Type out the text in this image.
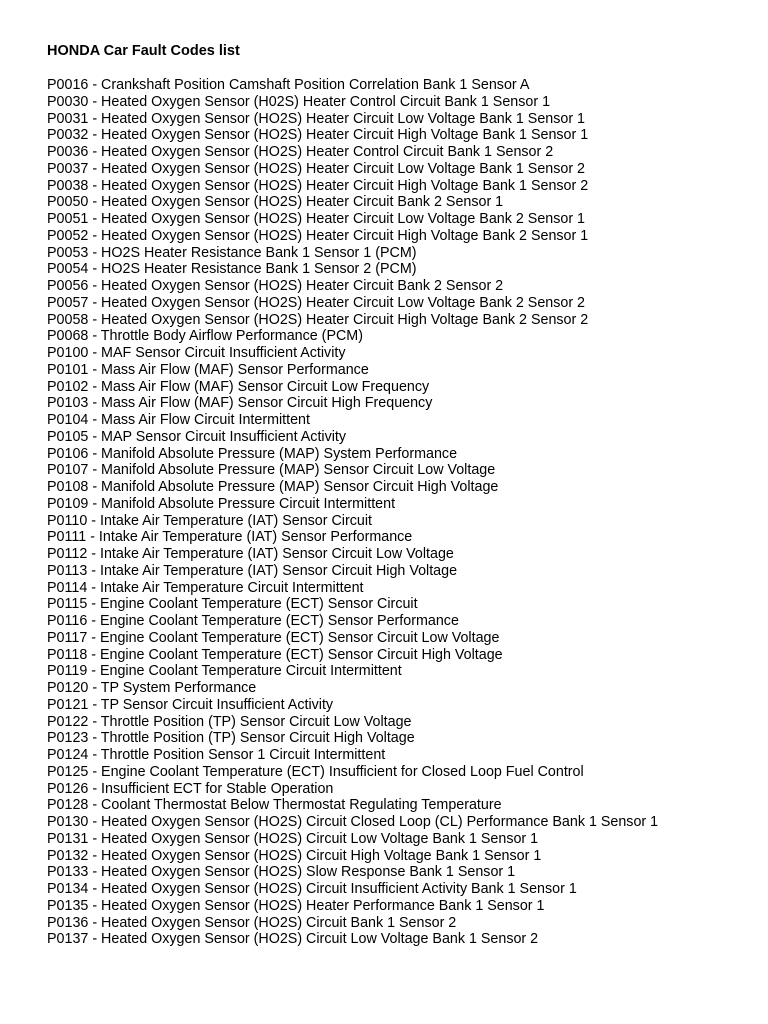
HONDA Car Fault Codes list
P0016 - Crankshaft Position Camshaft Position Correlation Bank 1 Sensor A
P0030 - Heated Oxygen Sensor (H02S) Heater Control Circuit Bank 1 Sensor 1
P0031 - Heated Oxygen Sensor (HO2S) Heater Circuit Low Voltage Bank 1 Sensor 1
P0032 - Heated Oxygen Sensor (HO2S) Heater Circuit High Voltage Bank 1 Sensor 1
P0036 - Heated Oxygen Sensor (HO2S) Heater Control Circuit Bank 1 Sensor 2
P0037 - Heated Oxygen Sensor (HO2S) Heater Circuit Low Voltage Bank 1 Sensor 2
P0038 - Heated Oxygen Sensor (HO2S) Heater Circuit High Voltage Bank 1 Sensor 2
P0050 - Heated Oxygen Sensor (HO2S) Heater Circuit Bank 2 Sensor 1
P0051 - Heated Oxygen Sensor (HO2S) Heater Circuit Low Voltage Bank 2 Sensor 1
P0052 - Heated Oxygen Sensor (HO2S) Heater Circuit High Voltage Bank 2 Sensor 1
P0053 - HO2S Heater Resistance Bank 1 Sensor 1 (PCM)
P0054 - HO2S Heater Resistance Bank 1 Sensor 2 (PCM)
P0056 - Heated Oxygen Sensor (HO2S) Heater Circuit Bank 2 Sensor 2
P0057 - Heated Oxygen Sensor (HO2S) Heater Circuit Low Voltage Bank 2 Sensor 2
P0058 - Heated Oxygen Sensor (HO2S) Heater Circuit High Voltage Bank 2 Sensor 2
P0068 - Throttle Body Airflow Performance (PCM)
P0100 - MAF Sensor Circuit Insufficient Activity
P0101 - Mass Air Flow (MAF) Sensor Performance
P0102 - Mass Air Flow (MAF) Sensor Circuit Low Frequency
P0103 - Mass Air Flow (MAF) Sensor Circuit High Frequency
P0104 - Mass Air Flow Circuit Intermittent
P0105 - MAP Sensor Circuit Insufficient Activity
P0106 - Manifold Absolute Pressure (MAP) System Performance
P0107 - Manifold Absolute Pressure (MAP) Sensor Circuit Low Voltage
P0108 - Manifold Absolute Pressure (MAP) Sensor Circuit High Voltage
P0109 - Manifold Absolute Pressure Circuit Intermittent
P0110 - Intake Air Temperature (IAT) Sensor Circuit
P0111 - Intake Air Temperature (IAT) Sensor Performance
P0112 - Intake Air Temperature (IAT) Sensor Circuit Low Voltage
P0113 - Intake Air Temperature (IAT) Sensor Circuit High Voltage
P0114 - Intake Air Temperature Circuit Intermittent
P0115 - Engine Coolant Temperature (ECT) Sensor Circuit
P0116 - Engine Coolant Temperature (ECT) Sensor Performance
P0117 - Engine Coolant Temperature (ECT) Sensor Circuit Low Voltage
P0118 - Engine Coolant Temperature (ECT) Sensor Circuit High Voltage
P0119 - Engine Coolant Temperature Circuit Intermittent
P0120 - TP System Performance
P0121 - TP Sensor Circuit Insufficient Activity
P0122 - Throttle Position (TP) Sensor Circuit Low Voltage
P0123 - Throttle Position (TP) Sensor Circuit High Voltage
P0124 - Throttle Position Sensor 1 Circuit Intermittent
P0125 - Engine Coolant Temperature (ECT) Insufficient for Closed Loop Fuel Control
P0126 - Insufficient ECT for Stable Operation
P0128 - Coolant Thermostat Below Thermostat Regulating Temperature
P0130 - Heated Oxygen Sensor (HO2S) Circuit Closed Loop (CL) Performance Bank 1 Sensor 1
P0131 - Heated Oxygen Sensor (HO2S) Circuit Low Voltage Bank 1 Sensor 1
P0132 - Heated Oxygen Sensor (HO2S) Circuit High Voltage Bank 1 Sensor 1
P0133 - Heated Oxygen Sensor (HO2S) Slow Response Bank 1 Sensor 1
P0134 - Heated Oxygen Sensor (HO2S) Circuit Insufficient Activity Bank 1 Sensor 1
P0135 - Heated Oxygen Sensor (HO2S) Heater Performance Bank 1 Sensor 1
P0136 - Heated Oxygen Sensor (HO2S) Circuit Bank 1 Sensor 2
P0137 - Heated Oxygen Sensor (HO2S) Circuit Low Voltage Bank 1 Sensor 2
